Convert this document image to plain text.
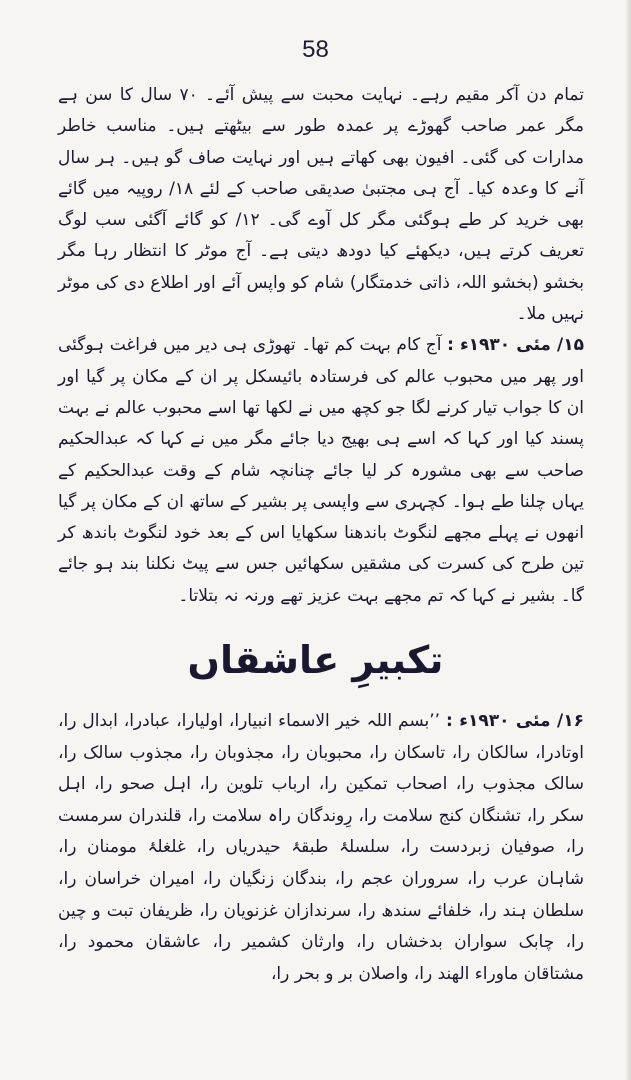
58

تمام دن آکر مقیم رہے۔ نہایت محبت سے پیش آئے۔ ۷۰ سال کا سن ہے مگر عمر صاحب گھوڑے پر عمدہ طور سے بیٹھتے ہیں۔ مناسب خاطر مدارات کی گئی۔ افیون بھی کھاتے ہیں اور نہایت صاف گو ہیں۔ ہر سال آنے کا وعدہ کیا۔ آج ہی مجتبیٰ صدیقی صاحب کے لئے ۱۸/ روپیہ میں گائے بھی خرید کر طے ہوگئی مگر کل آوے گی۔ ۱۲/ کو گائے آگئی سب لوگ تعریف کرتے ہیں، دیکھئے کیا دودھ دیتی ہے۔ آج موٹر کا انتظار رہا مگر بخشو (بخشو اللہ، ذاتی خدمتگار) شام کو واپس آئے اور اطلاع دی کی موٹر نہیں ملا۔

۱۵/ مئی ۱۹۳۰ء : آج کام بہت کم تھا۔ تھوڑی ہی دیر میں فراغت ہوگئی اور پھر میں محبوب عالم کی فرستادہ بائیسکل پر ان کے مکان پر گیا اور ان کا جواب تیار کرنے لگا جو کچھ میں نے لکھا تھا اسے محبوب عالم نے بہت پسند کیا اور کہا کہ اسے ہی بھیج دیا جائے مگر میں نے کہا کہ عبدالحکیم صاحب سے بھی مشورہ کر لیا جائے چنانچہ شام کے وقت عبدالحکیم کے یہاں چلنا طے ہوا۔ کچہری سے واپسی پر بشیر کے ساتھ ان کے مکان پر گیا انھوں نے پہلے مجھے لنگوٹ باندھنا سکھایا اس کے بعد خود لنگوٹ باندھ کر تین طرح کی کسرت کی مشقیں سکھائیں جس سے پیٹ نکلنا بند ہو جائے گا۔ بشیر نے کہا کہ تم مجھے بہت عزیز تھے ورنہ نہ بتلاتا۔

تکبیرِ عاشقاں

۱۶/ مئی ۱۹۳۰ء : ’’بسم اللہ خیر الاسماء انبیارا، اولیارا، عبادرا، ابدال را، اوتادرا، سالکان را، تاسکان را، محبوبان را، مجذوبان را، مجذوب سالک را، سالک مجذوب را، اصحاب تمکین را، ارباب تلوین را، اہل صحو را، اہل سکر را، تشنگان کنج سلامت را، رِوندگان راہ سلامت را، قلندران سرمست را، صوفیان زبردست را، سلسلۂ طبقۂ حیدریاں را، غلغلۂ مومنان را، شاہان عرب را، سروران عجم را، بندگان زنگیان را، امیران خراسان را، سلطان ہند را، خلفائے سندھ را، سرندازان غزنویان را، ظریفان تبت و چین را، چابک سواران بدخشاں را، وارثان کشمیر را، عاشقان محمود را، مشتاقان ماوراء الھند را، واصلان بر و بحر را،
